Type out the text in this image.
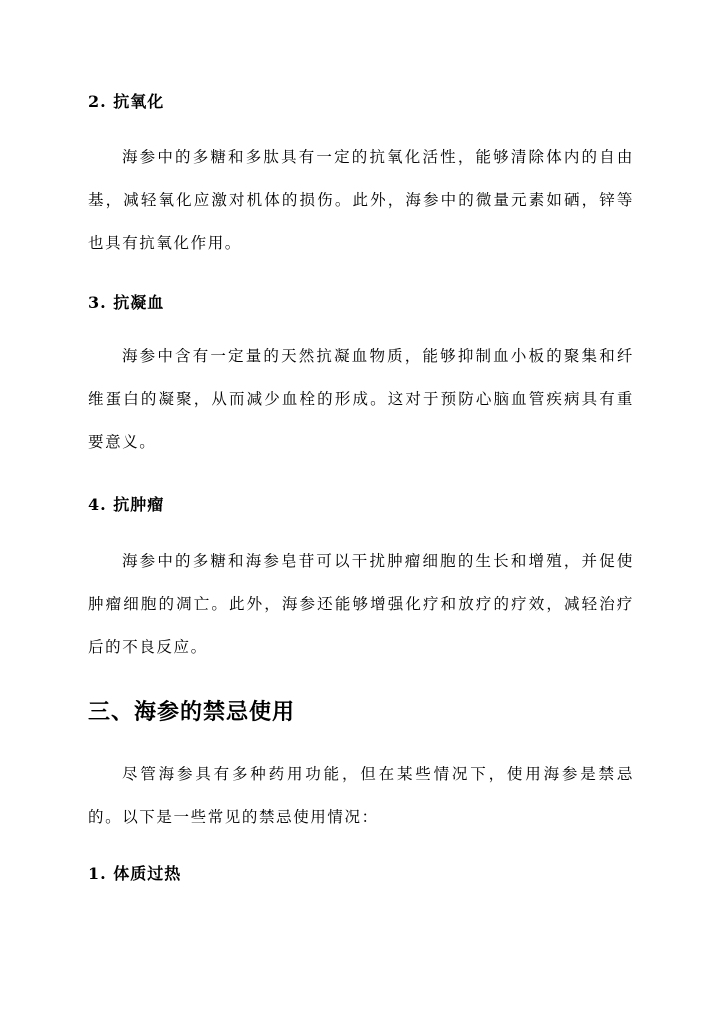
2. 抗氧化

海参中的多糖和多肽具有一定的抗氧化活性，能够清除体内的自由基，减轻氧化应激对机体的损伤。此外，海参中的微量元素如硒，锌等也具有抗氧化作用。

3. 抗凝血

海参中含有一定量的天然抗凝血物质，能够抑制血小板的聚集和纤维蛋白的凝聚，从而减少血栓的形成。这对于预防心脑血管疾病具有重要意义。

4. 抗肿瘤

海参中的多糖和海参皂苷可以干扰肿瘤细胞的生长和增殖，并促使肿瘤细胞的凋亡。此外，海参还能够增强化疗和放疗的疗效，减轻治疗后的不良反应。

三、海参的禁忌使用

尽管海参具有多种药用功能，但在某些情况下，使用海参是禁忌的。以下是一些常见的禁忌使用情况：

1. 体质过热
